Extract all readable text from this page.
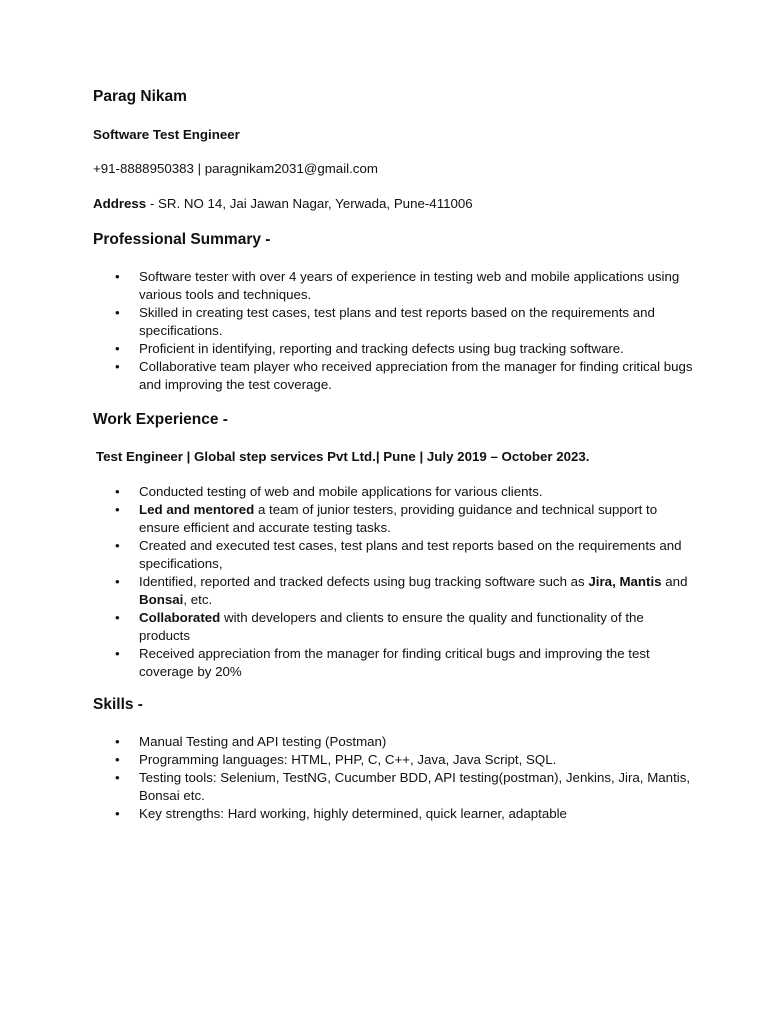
Parag Nikam

Software Test Engineer

+91-8888950383 | paragnikam2031@gmail.com

Address - SR. NO 14, Jai Jawan Nagar, Yerwada, Pune-411006

Professional Summary -

• Software tester with over 4 years of experience in testing web and mobile applications using various tools and techniques.
• Skilled in creating test cases, test plans and test reports based on the requirements and specifications.
• Proficient in identifying, reporting and tracking defects using bug tracking software.
• Collaborative team player who received appreciation from the manager for finding critical bugs and improving the test coverage.

Work Experience -

Test Engineer | Global step services Pvt Ltd.| Pune | July 2019 – October 2023.

• Conducted testing of web and mobile applications for various clients.
• Led and mentored a team of junior testers, providing guidance and technical support to ensure efficient and accurate testing tasks.
• Created and executed test cases, test plans and test reports based on the requirements and specifications,
• Identified, reported and tracked defects using bug tracking software such as Jira, Mantis and Bonsai, etc.
• Collaborated with developers and clients to ensure the quality and functionality of the products
• Received appreciation from the manager for finding critical bugs and improving the test coverage by 20%

Skills -

• Manual Testing and API testing (Postman)
• Programming languages: HTML, PHP, C, C++, Java, Java Script, SQL.
• Testing tools: Selenium, TestNG, Cucumber BDD, API testing(postman), Jenkins, Jira, Mantis, Bonsai etc.
• Key strengths: Hard working, highly determined, quick learner, adaptable
